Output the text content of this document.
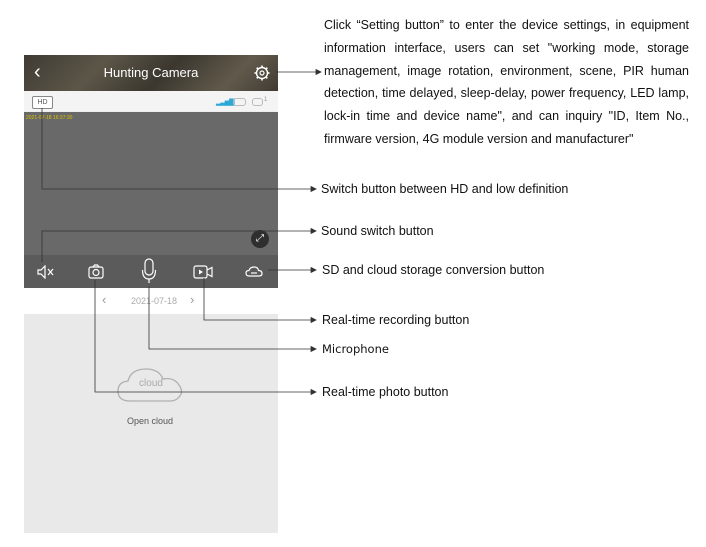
‹	Hunting Camera
HD	▂▃▅▇	1
2021-07-18 16:37:30
⤢
‹	2021-07-18 ›
cloud
Open cloud
Click “Setting button” to enter the device settings, in equipment information interface, users can set "working mode, storage management, image rotation, environment, scene, PIR human detection, time delayed, sleep-delay, power frequency, LED lamp, lock-in time and device name", and can inquiry "ID, Item No., firmware version, 4G module version and manufacturer"
Switch button between HD and low definition
Sound switch button
SD and cloud storage conversion button
Real-time recording button
Microphone
Real-time photo button
